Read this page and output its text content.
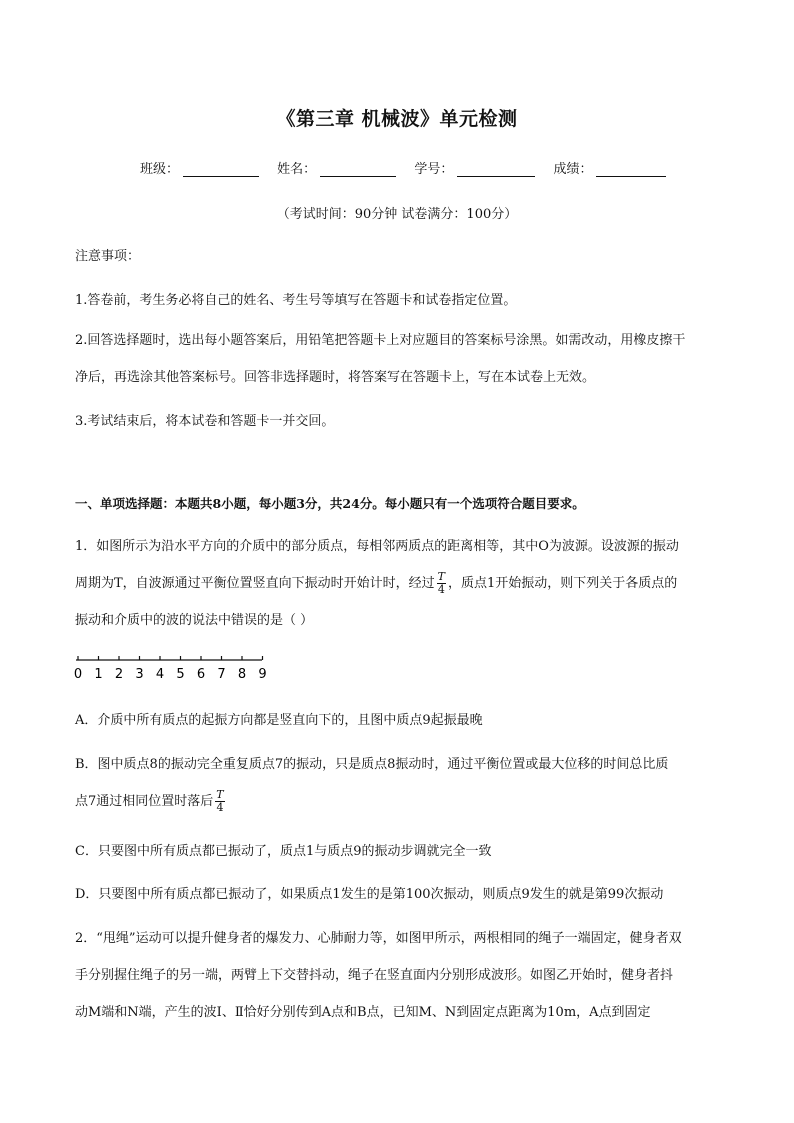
《第三章 机械波》单元检测
班级：	姓名：	学号：	成绩：
（考试时间：90分钟 试卷满分：100分）
注意事项：
1.答卷前，考生务必将自己的姓名、考生号等填写在答题卡和试卷指定位置。
2.回答选择题时，选出每小题答案后，用铅笔把答题卡上对应题目的答案标号涂黑。如需改动，用橡皮擦干
净后，再选涂其他答案标号。回答非选择题时，将答案写在答题卡上，写在本试卷上无效。
3.考试结束后，将本试卷和答题卡一并交回。
一、单项选择题：本题共8小题，每小题3分，共24分。每小题只有一个选项符合题目要求。
1．如图所示为沿水平方向的介质中的部分质点，每相邻两质点的距离相等，其中O为波源。设波源的振动
周期为T，自波源通过平衡位置竖直向下振动时开始计时，经过 $\frac{T}{4}$ ，质点1开始振动，则下列关于各质点的
振动和介质中的波的说法中错误的是（ ）
0 1 2 3 4 5 6 7 8 9
A．介质中所有质点的起振方向都是竖直向下的，且图中质点9起振最晚
B．图中质点8的振动完全重复质点7的振动，只是质点8振动时，通过平衡位置或最大位移的时间总比质
点7通过相同位置时落后 $\frac{T}{4}$
C．只要图中所有质点都已振动了，质点1与质点9的振动步调就完全一致
D．只要图中所有质点都已振动了，如果质点1发生的是第100次振动，则质点9发生的就是第99次振动
2．“甩绳”运动可以提升健身者的爆发力、心肺耐力等，如图甲所示，两根相同的绳子一端固定，健身者双
手分别握住绳子的另一端，两臂上下交替抖动，绳子在竖直面内分别形成波形。如图乙开始时，健身者抖
动M端和N端，产生的波Ⅰ、Ⅱ恰好分别传到A点和B点，已知M、N到固定点距离为10m，A点到固定
